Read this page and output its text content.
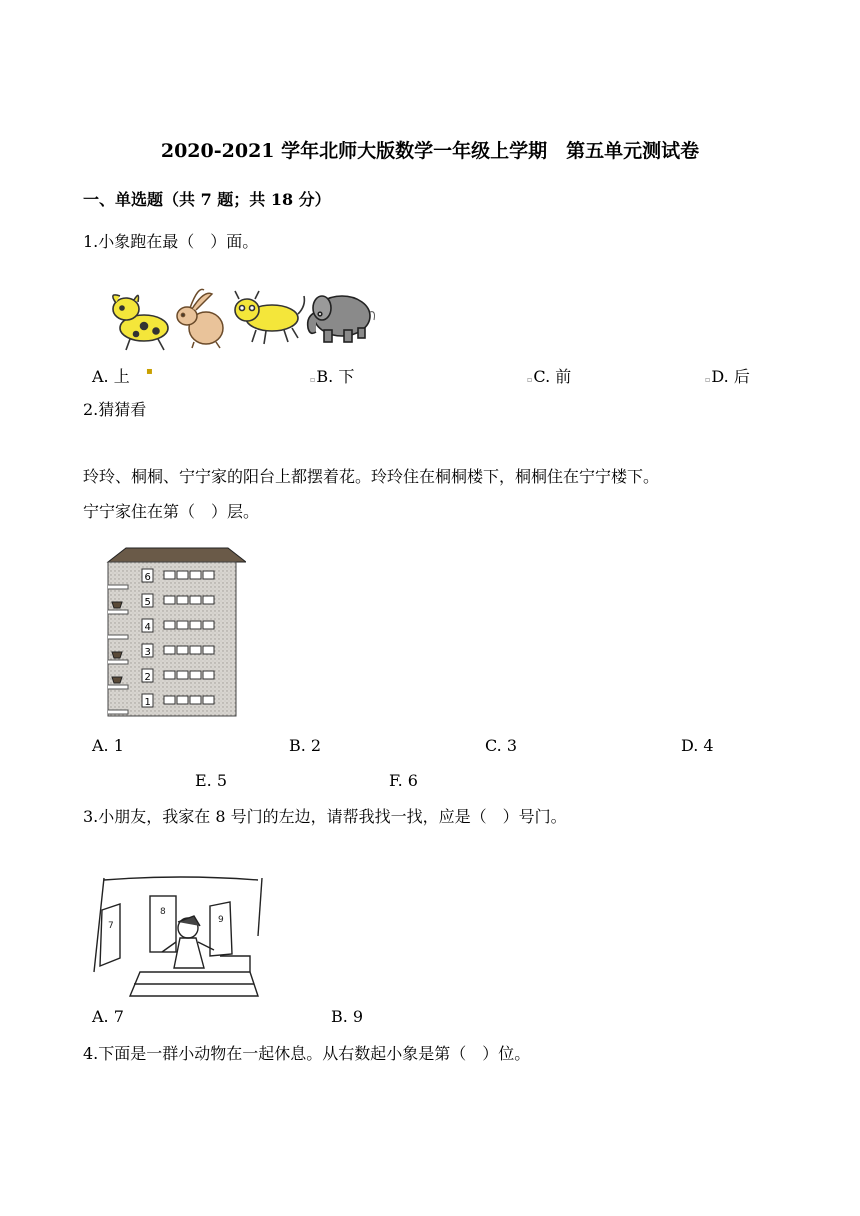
2020-2021 学年北师大版数学一年级上学期　第五单元测试卷
一、单选题（共 7 题；共 18 分）
1.小象跑在最（　）面。
A. 上 ▪
▫B. 下	▫C. 前	▫D. 后
2.猜猜看
玲玲、桐桐、宁宁家的阳台上都摆着花。玲玲住在桐桐楼下，桐桐住在宁宁楼下。
宁宁家住在第（　）层。
6
5
4
3
2
1
A. 1	B. 2	C. 3	D. 4
E. 5	F. 6
3.小朋友，我家在 8 号门的左边，请帮我找一找，应是（　）号门。
7
8
9
A. 7	B. 9
4.下面是一群小动物在一起休息。从右数起小象是第（　）位。
